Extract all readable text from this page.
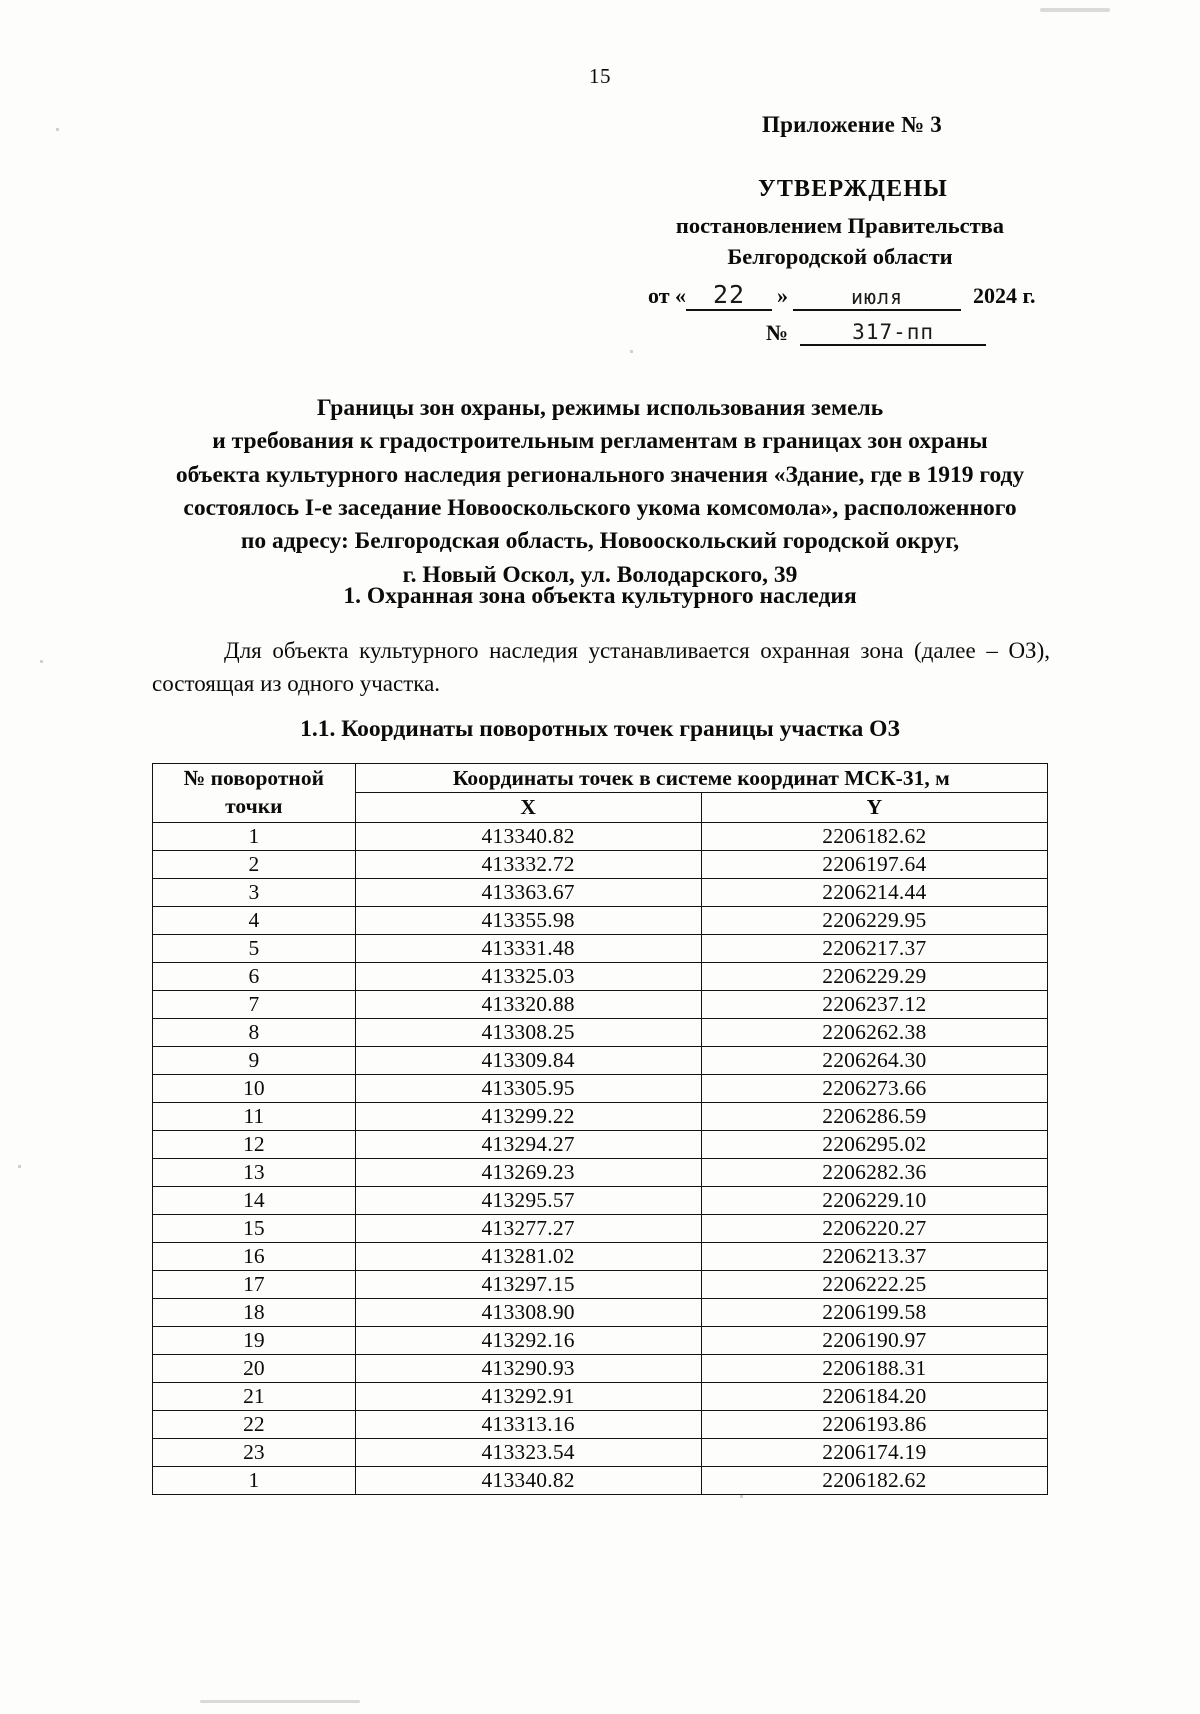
15
Приложение № 3
УТВЕРЖДЕНЫ
постановлением Правительства
Белгородской области
от «	22	»	июля	2024 г.
№	317-пп
Границы зон охраны, режимы использования земель
и требования к градостроительным регламентам в границах зон охраны
объекта культурного наследия регионального значения «Здание, где в 1919 году
состоялось I-е заседание Новооскольского укома комсомола», расположенного
по адресу: Белгородская область, Новооскольский городской округ,
г. Новый Оскол, ул. Володарского, 39
1. Охранная зона объекта культурного наследия
Для объекта культурного наследия устанавливается охранная зона (далее – ОЗ), состоящая из одного участка.
1.1. Координаты поворотных точек границы участка ОЗ
№ поворотной
точки	Координаты точек в системе координат МСК-31, м	
	X	Y
1	413340.82	2206182.62
2	413332.72	2206197.64
3	413363.67	2206214.44
4	413355.98	2206229.95
5	413331.48	2206217.37
6	413325.03	2206229.29
7	413320.88	2206237.12
8	413308.25	2206262.38
9	413309.84	2206264.30
10	413305.95	2206273.66
11	413299.22	2206286.59
12	413294.27	2206295.02
13	413269.23	2206282.36
14	413295.57	2206229.10
15	413277.27	2206220.27
16	413281.02	2206213.37
17	413297.15	2206222.25
18	413308.90	2206199.58
19	413292.16	2206190.97
20	413290.93	2206188.31
21	413292.91	2206184.20
22	413313.16	2206193.86
23	413323.54	2206174.19
1	413340.82	2206182.62
